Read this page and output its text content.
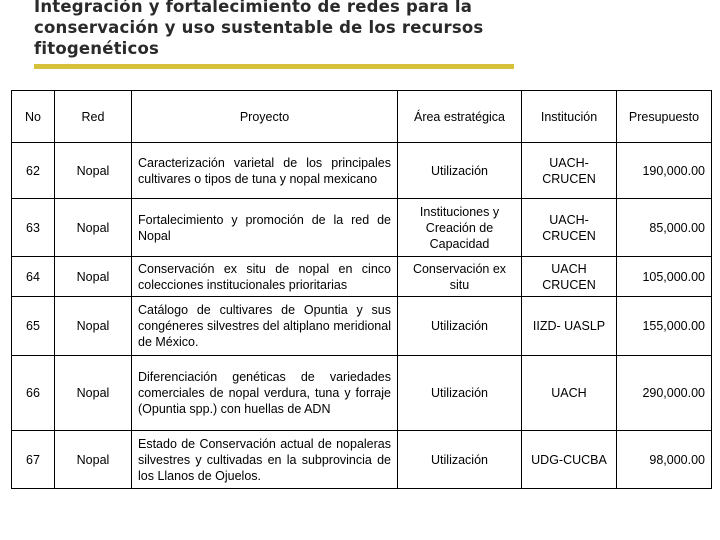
Integración y fortalecimiento de redes para la conservación y uso sustentable de los recursos fitogenéticos
No	Red	Proyecto	Área estratégica	Institución	Presupuesto
62	Nopal	Caracterización varietal de los principales cultivares o tipos de tuna y nopal mexicano	Utilización	UACH-CRUCEN	190,000.00
63	Nopal	Fortalecimiento y promoción de la red de Nopal	Instituciones y Creación de Capacidad	UACH-CRUCEN	85,000.00
64	Nopal	Conservación ex situ de nopal en cinco colecciones institucionales prioritarias	Conservación ex situ	UACH CRUCEN	105,000.00
65	Nopal	Catálogo de cultivares de Opuntia y sus congéneres silvestres del altiplano meridional de México.	Utilización	IIZD- UASLP	155,000.00
66	Nopal	Diferenciación genéticas de variedades comerciales de nopal verdura, tuna y forraje (Opuntia spp.) con huellas de ADN	Utilización	UACH	290,000.00
67	Nopal	Estado de Conservación actual de nopaleras silvestres y cultivadas en la subprovincia de los Llanos de Ojuelos.	Utilización	UDG-CUCBA	98,000.00
